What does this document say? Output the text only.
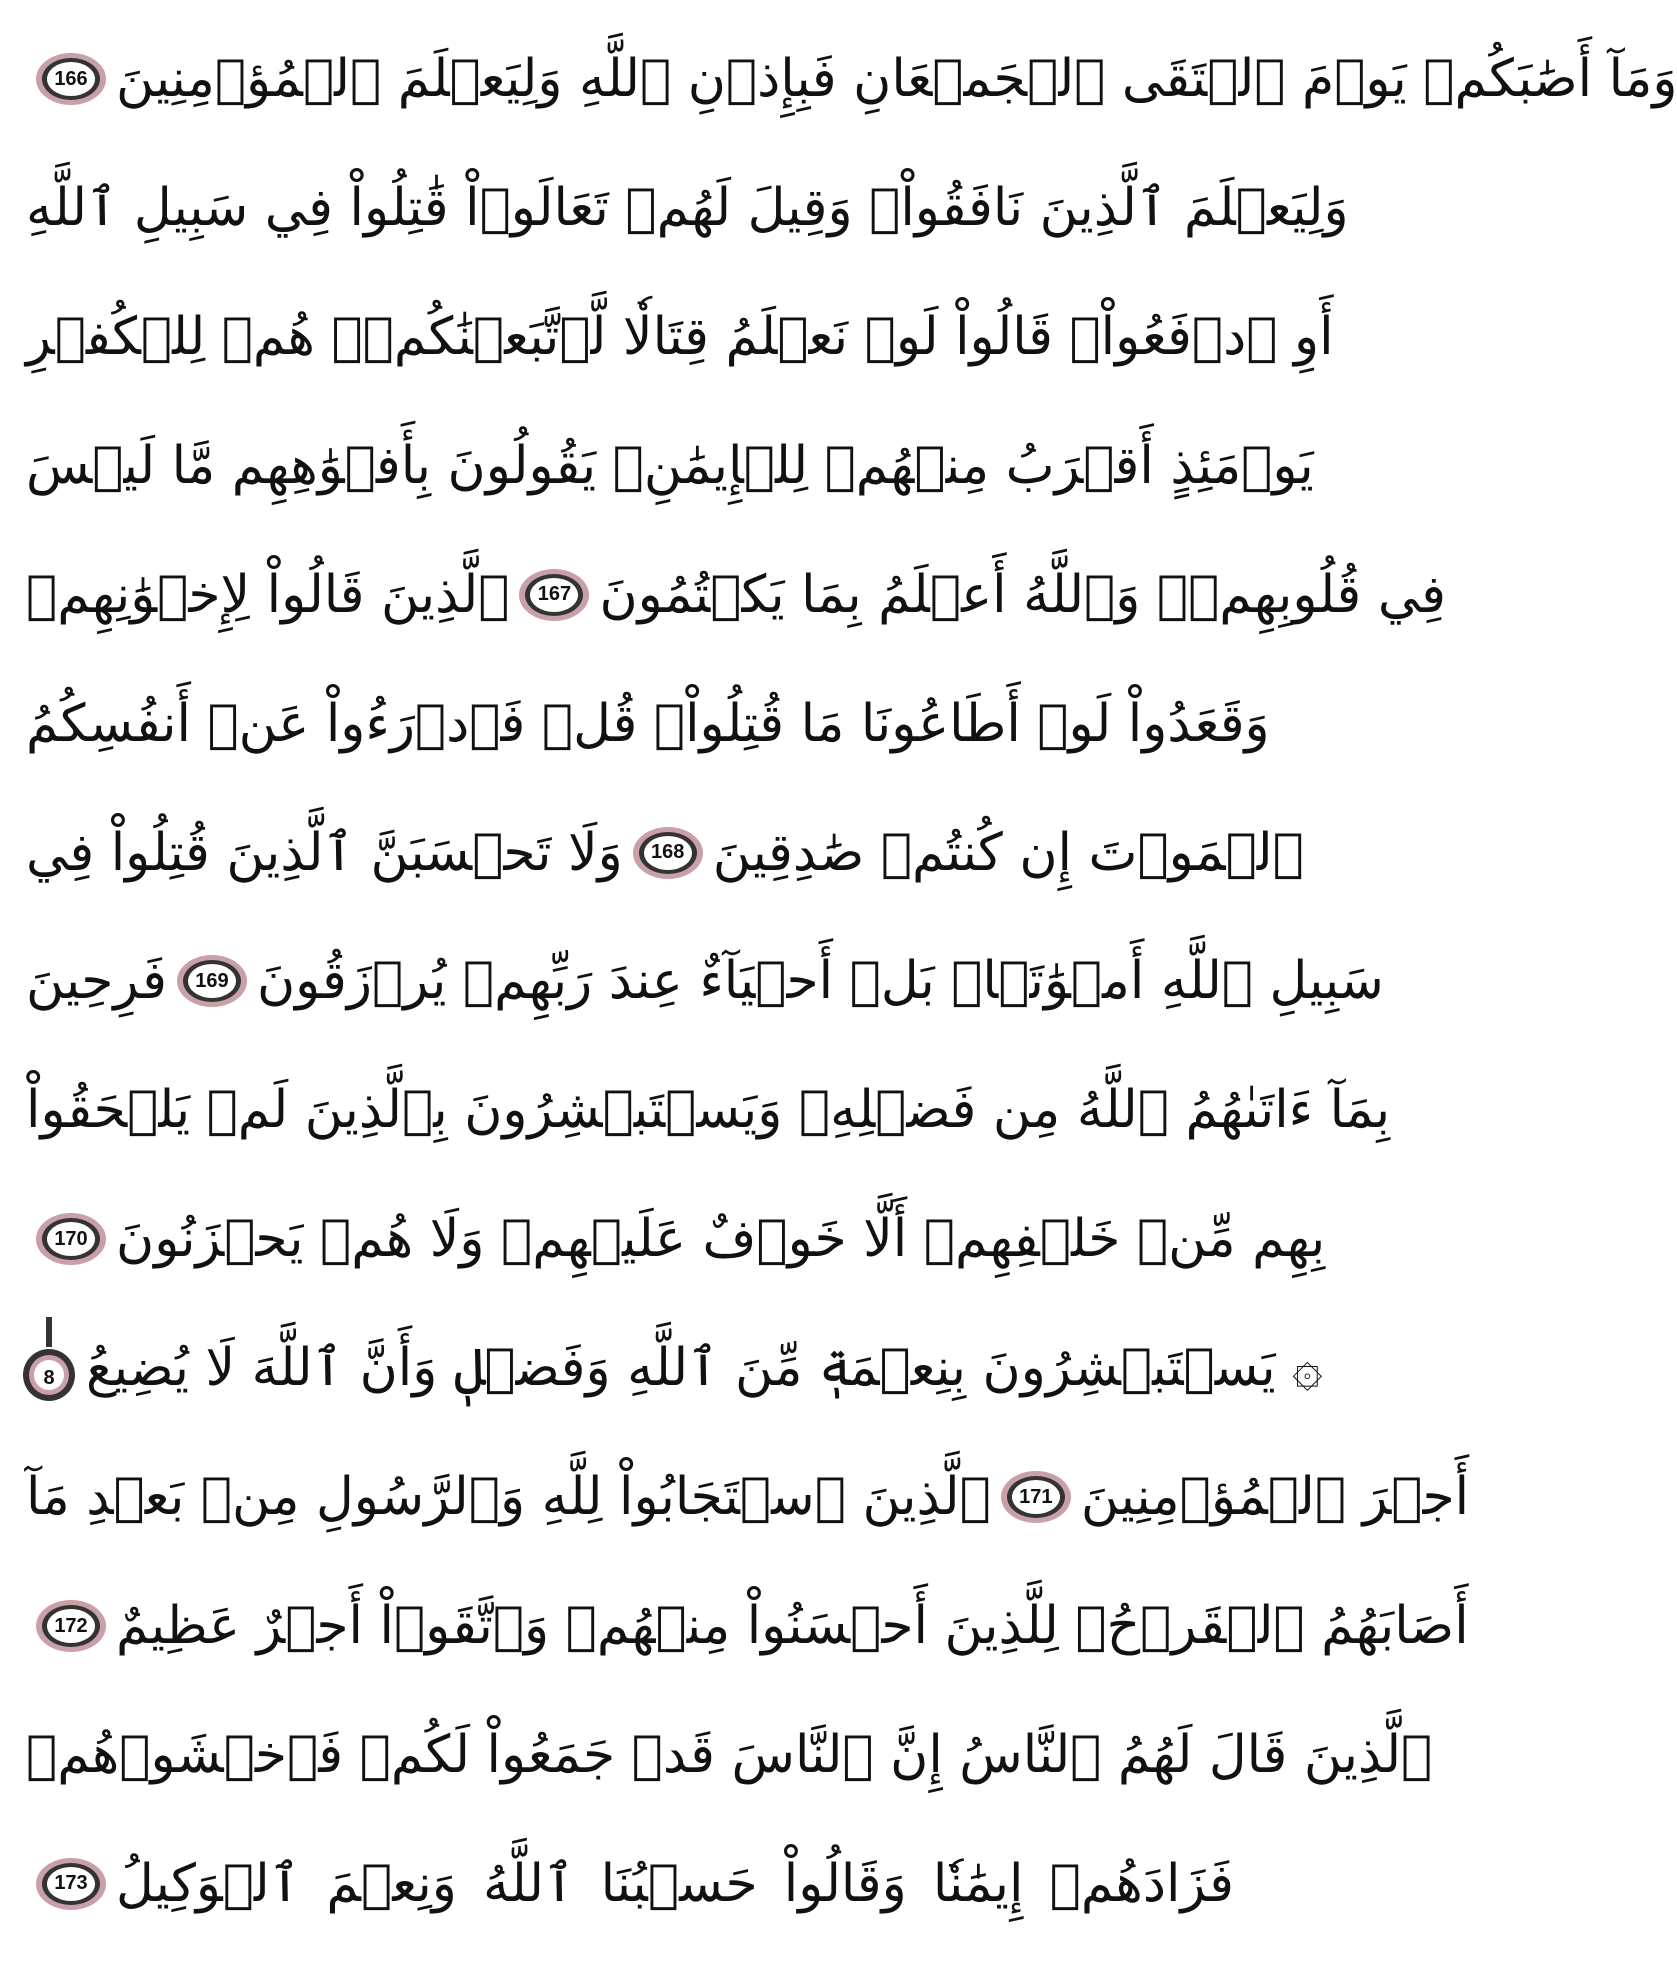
166 وَمَآ أَصَٰبَكُمۡ يَوۡمَ ٱلۡتَقَى ٱلۡجَمۡعَانِ فَبِإِذۡنِ ٱللَّهِ وَلِيَعۡلَمَ ٱلۡمُؤۡمِنِينَ
وَلِيَعۡلَمَ ٱلَّذِينَ نَافَقُواْۚ وَقِيلَ لَهُمۡ تَعَالَوۡاْ قَٰتِلُواْ فِي سَبِيلِ ٱللَّهِ
أَوِ ٱدۡفَعُواْۖ قَالُواْ لَوۡ نَعۡلَمُ قِتَالٗا لَّٱتَّبَعۡنَٰكُمۡۗ هُمۡ لِلۡكُفۡرِ
يَوۡمَئِذٍ أَقۡرَبُ مِنۡهُمۡ لِلۡإِيمَٰنِۚ يَقُولُونَ بِأَفۡوَٰهِهِم مَّا لَيۡسَ
ٱلَّذِينَ قَالُواْ لِإِخۡوَٰنِهِمۡ 167 فِي قُلُوبِهِمۡۚ وَٱللَّهُ أَعۡلَمُ بِمَا يَكۡتُمُونَ
وَقَعَدُواْ لَوۡ أَطَاعُونَا مَا قُتِلُواْۗ قُلۡ فَٱدۡرَءُواْ عَنۡ أَنفُسِكُمُ
وَلَا تَحۡسَبَنَّ ٱلَّذِينَ قُتِلُواْ فِي 168 ٱلۡمَوۡتَ إِن كُنتُمۡ صَٰدِقِينَ
فَرِحِينَ 169 سَبِيلِ ٱللَّهِ أَمۡوَٰتَۢاۚ بَلۡ أَحۡيَآءٌ عِندَ رَبِّهِمۡ يُرۡزَقُونَ
بِمَآ ءَاتَىٰهُمُ ٱللَّهُ مِن فَضۡلِهِۦ وَيَسۡتَبۡشِرُونَ بِٱلَّذِينَ لَمۡ يَلۡحَقُواْ
170 بِهِم مِّنۡ خَلۡفِهِمۡ أَلَّا خَوۡفٌ عَلَيۡهِمۡ وَلَا هُمۡ يَحۡزَنُونَ
۞ يَسۡتَبۡشِرُونَ بِنِعۡمَةٖ مِّنَ ٱللَّهِ وَفَضۡلٖ وَأَنَّ ٱللَّهَ لَا يُضِيعُ
8
ٱلَّذِينَ ٱسۡتَجَابُواْ لِلَّهِ وَٱلرَّسُولِ مِنۢ بَعۡدِ مَآ 171 أَجۡرَ ٱلۡمُؤۡمِنِينَ
172 أَصَابَهُمُ ٱلۡقَرۡحُۚ لِلَّذِينَ أَحۡسَنُواْ مِنۡهُمۡ وَٱتَّقَوۡاْ أَجۡرٌ عَظِيمٌ
ٱلَّذِينَ قَالَ لَهُمُ ٱلنَّاسُ إِنَّ ٱلنَّاسَ قَدۡ جَمَعُواْ لَكُمۡ فَٱخۡشَوۡهُمۡ
173 فَزَادَهُمۡ إِيمَٰنٗا وَقَالُواْ حَسۡبُنَا ٱللَّهُ وَنِعۡمَ ٱلۡوَكِيلُ
